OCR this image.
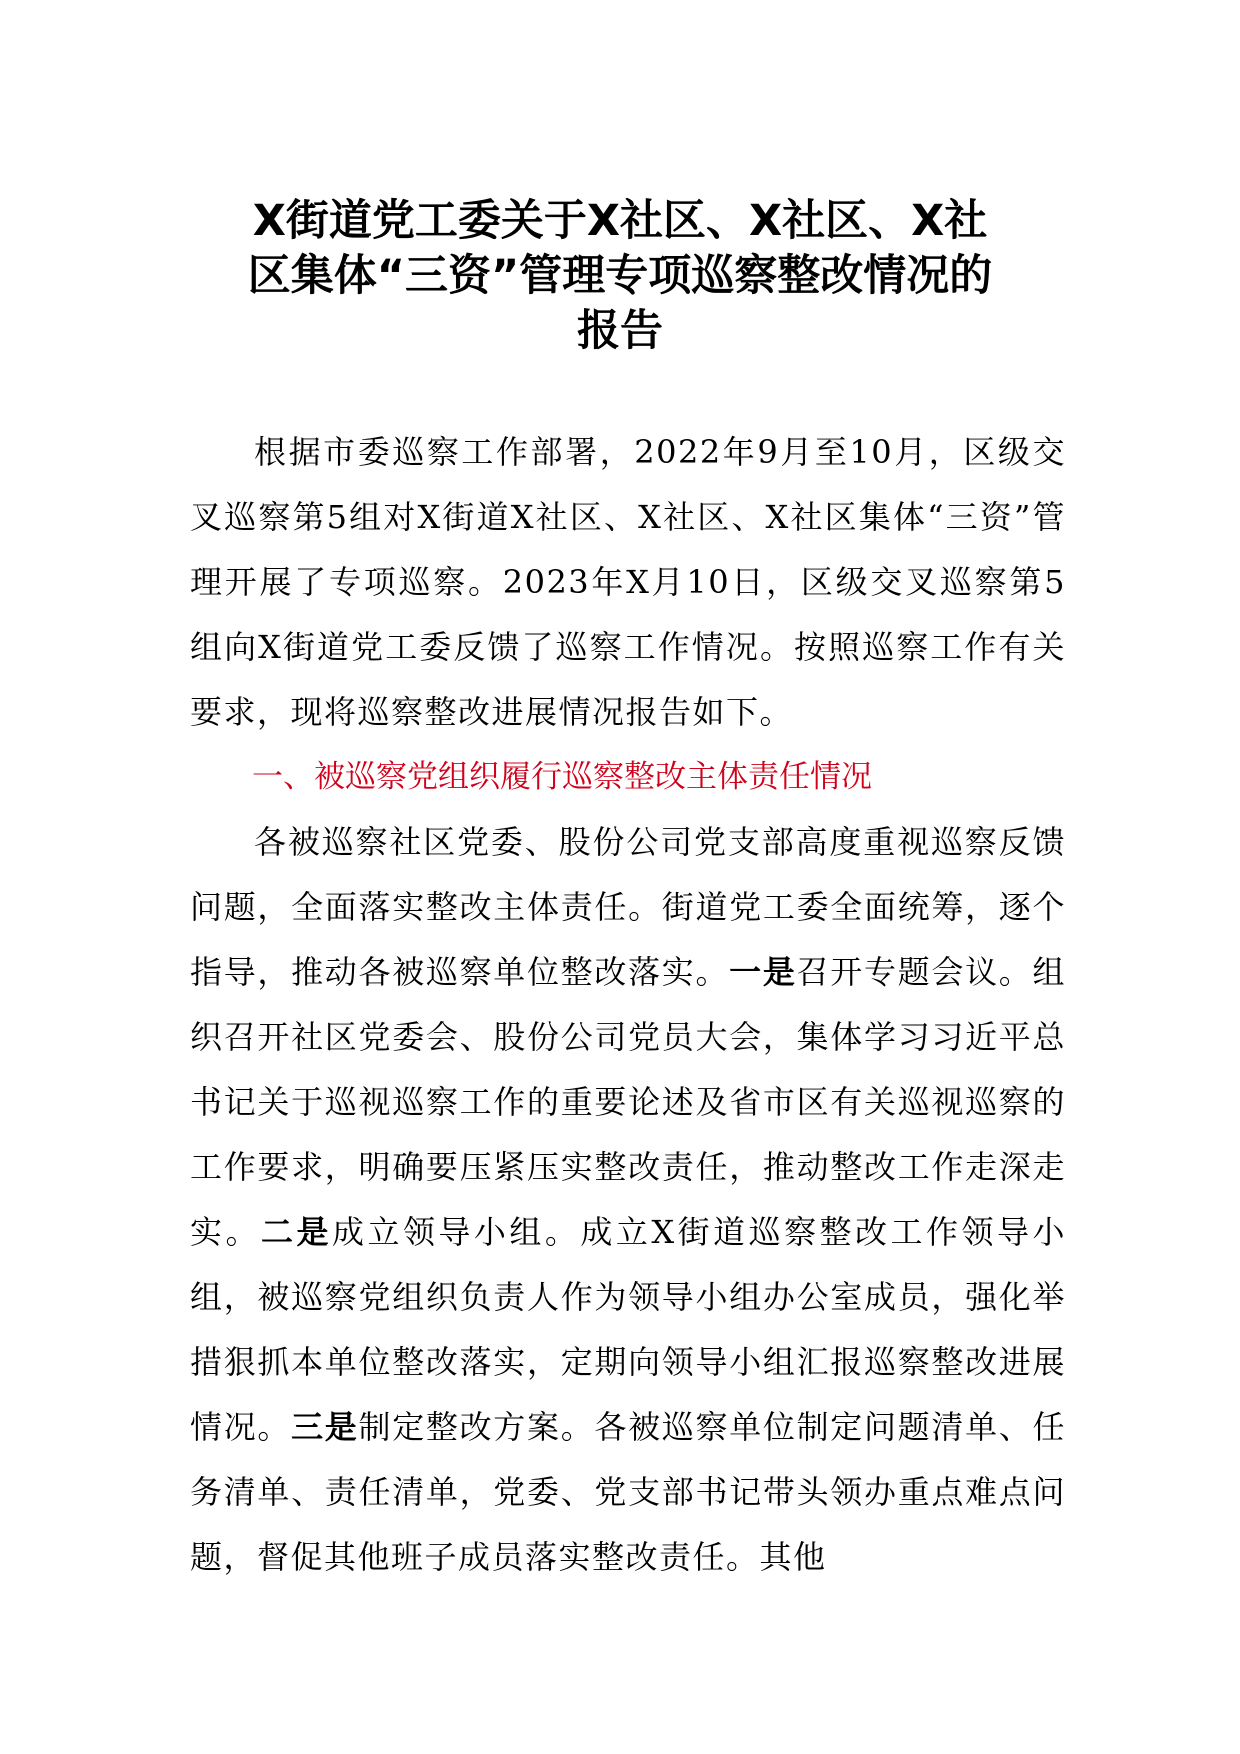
X街道党工委关于X社区、X社区、X社
区集体“三资”管理专项巡察整改情况的
报告

根据市委巡察工作部署，2022年9月至10月，区级交叉巡察第5组对X街道X社区、X社区、X社区集体“三资”管理开展了专项巡察。2023年X月10日，区级交叉巡察第5组向X街道党工委反馈了巡察工作情况。按照巡察工作有关要求，现将巡察整改进展情况报告如下。

一、被巡察党组织履行巡察整改主体责任情况

各被巡察社区党委、股份公司党支部高度重视巡察反馈问题，全面落实整改主体责任。街道党工委全面统筹，逐个指导，推动各被巡察单位整改落实。一是召开专题会议。组织召开社区党委会、股份公司党员大会，集体学习习近平总书记关于巡视巡察工作的重要论述及省市区有关巡视巡察的工作要求，明确要压紧压实整改责任，推动整改工作走深走实。二是成立领导小组。成立X街道巡察整改工作领导小组，被巡察党组织负责人作为领导小组办公室成员，强化举措狠抓本单位整改落实，定期向领导小组汇报巡察整改进展情况。三是制定整改方案。各被巡察单位制定问题清单、任务清单、责任清单，党委、党支部书记带头领办重点难点问题，督促其他班子成员落实整改责任。其他
